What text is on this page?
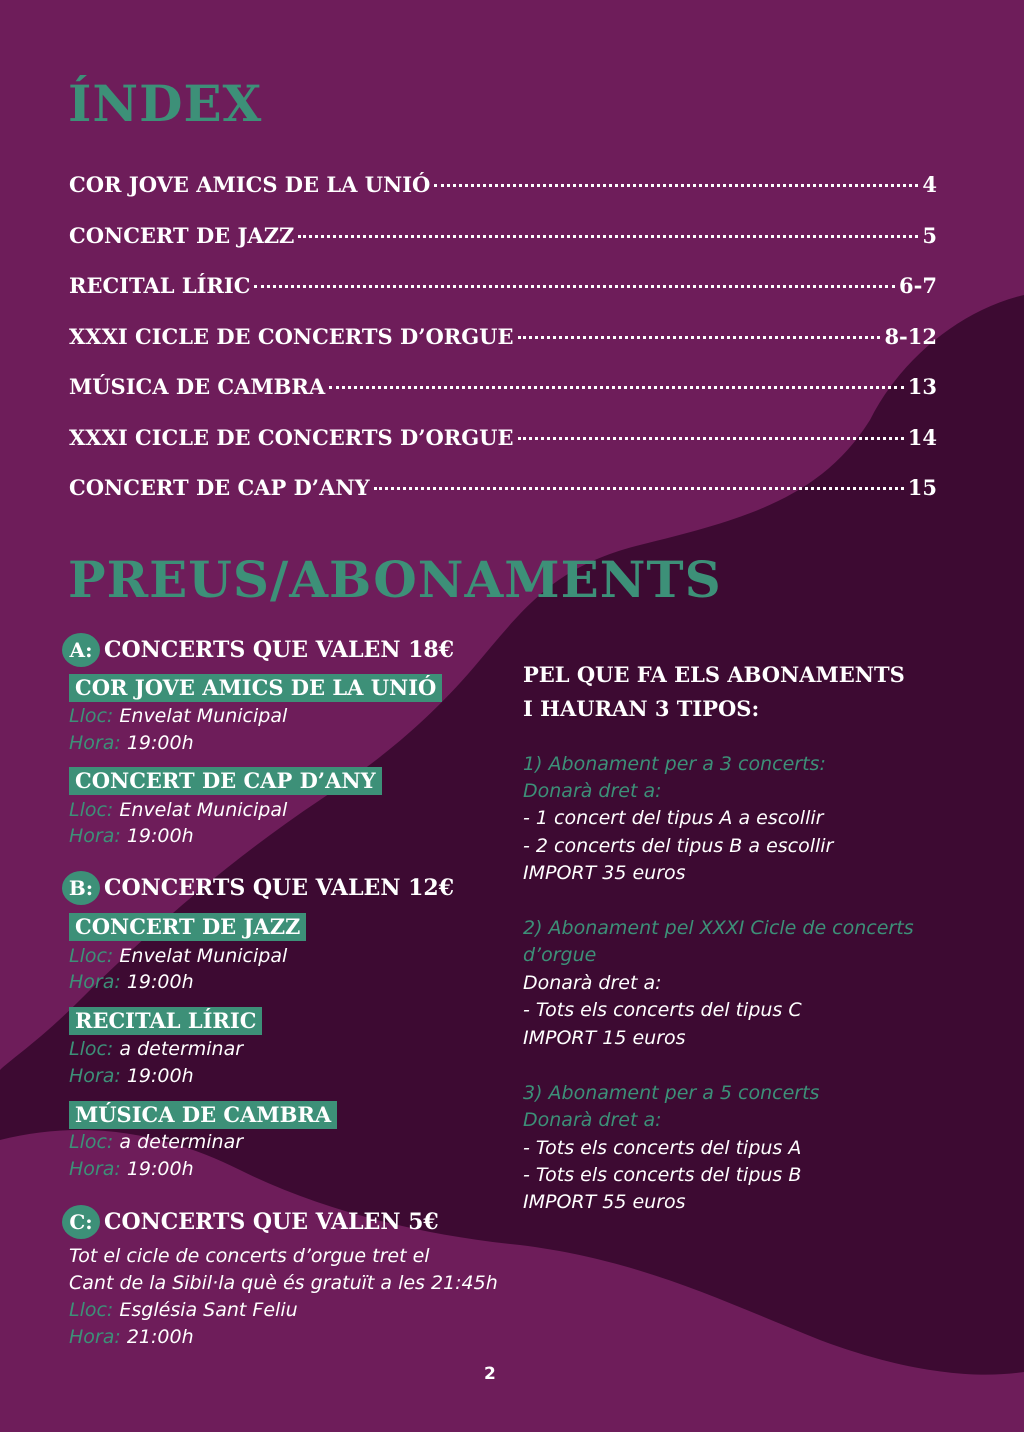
ÍNDEX
COR JOVE AMICS DE LA UNIÓ	4
CONCERT DE JAZZ	5
RECITAL LÍRIC	6-7
XXXI CICLE DE CONCERTS D’ORGUE	8-12
MÚSICA DE CAMBRA	13
XXXI CICLE DE CONCERTS D’ORGUE	14
CONCERT DE CAP D’ANY	15
PREUS/ABONAMENTS
A: CONCERTS QUE VALEN 18€
COR JOVE AMICS DE LA UNIÓ
Lloc: Envelat Municipal
Hora: 19:00h
CONCERT DE CAP D’ANY
Lloc: Envelat Municipal
Hora: 19:00h
B: CONCERTS QUE VALEN 12€
CONCERT DE JAZZ
Lloc: Envelat Municipal
Hora: 19:00h
RECITAL LÍRIC
Lloc: a determinar
Hora: 19:00h
MÚSICA DE CAMBRA
Lloc: a determinar
Hora: 19:00h
C: CONCERTS QUE VALEN 5€
Tot el cicle de concerts d’orgue tret el
Cant de la Sibil·la què és gratuït a les 21:45h
Lloc: Església Sant Feliu
Hora: 21:00h
PEL QUE FA ELS ABONAMENTS
I HAURAN 3 TIPOS:
1) Abonament per a 3 concerts:
Donarà dret a:
- 1 concert del tipus A a escollir
- 2 concerts del tipus B a escollir
IMPORT 35 euros
2) Abonament pel XXXI Cicle de concerts
d’orgue
Donarà dret a:
- Tots els concerts del tipus C
IMPORT 15 euros
3) Abonament per a 5 concerts
Donarà dret a:
- Tots els concerts del tipus A
- Tots els concerts del tipus B
IMPORT 55 euros
2
